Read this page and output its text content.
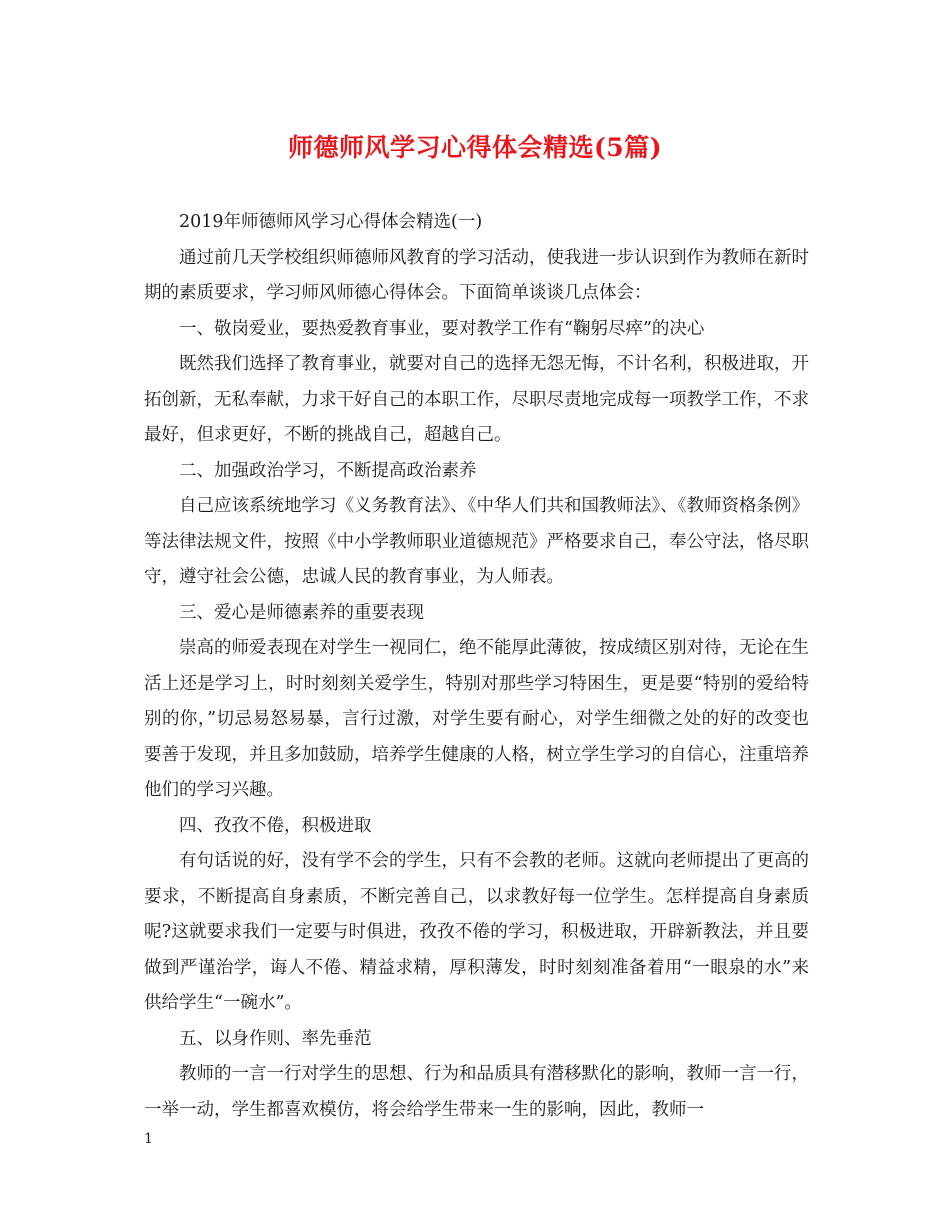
师德师风学习心得体会精选(5篇)

2019年师德师风学习心得体会精选(一)

通过前几天学校组织师德师风教育的学习活动，使我进一步认识到作为教师在新时期的素质要求，学习师风师德心得体会。下面简单谈谈几点体会：

一、敬岗爱业，要热爱教育事业，要对教学工作有“鞠躬尽瘁”的决心

既然我们选择了教育事业，就要对自己的选择无怨无悔，不计名利，积极进取，开拓创新，无私奉献，力求干好自己的本职工作，尽职尽责地完成每一项教学工作，不求最好，但求更好，不断的挑战自己，超越自己。

二、加强政治学习，不断提高政治素养

自己应该系统地学习《义务教育法》、《中华人们共和国教师法》、《教师资格条例》等法律法规文件，按照《中小学教师职业道德规范》严格要求自己，奉公守法，恪尽职守，遵守社会公德，忠诚人民的教育事业，为人师表。

三、爱心是师德素养的重要表现

崇高的师爱表现在对学生一视同仁，绝不能厚此薄彼，按成绩区别对待，无论在生活上还是学习上，时时刻刻关爱学生，特别对那些学习特困生，更是要“特别的爱给特别的你，”切忌易怒易暴，言行过激，对学生要有耐心，对学生细微之处的好的改变也要善于发现，并且多加鼓励，培养学生健康的人格，树立学生学习的自信心，注重培养他们的学习兴趣。

四、孜孜不倦，积极进取

有句话说的好，没有学不会的学生，只有不会教的老师。这就向老师提出了更高的要求，不断提高自身素质，不断完善自己，以求教好每一位学生。怎样提高自身素质呢?这就要求我们一定要与时俱进，孜孜不倦的学习，积极进取，开辟新教法，并且要做到严谨治学，诲人不倦、精益求精，厚积薄发，时时刻刻准备着用“一眼泉的水”来供给学生“一碗水”。

五、以身作则、率先垂范

教师的一言一行对学生的思想、行为和品质具有潜移默化的影响，教师一言一行，一举一动，学生都喜欢模仿，将会给学生带来一生的影响，因此，教师一

1
